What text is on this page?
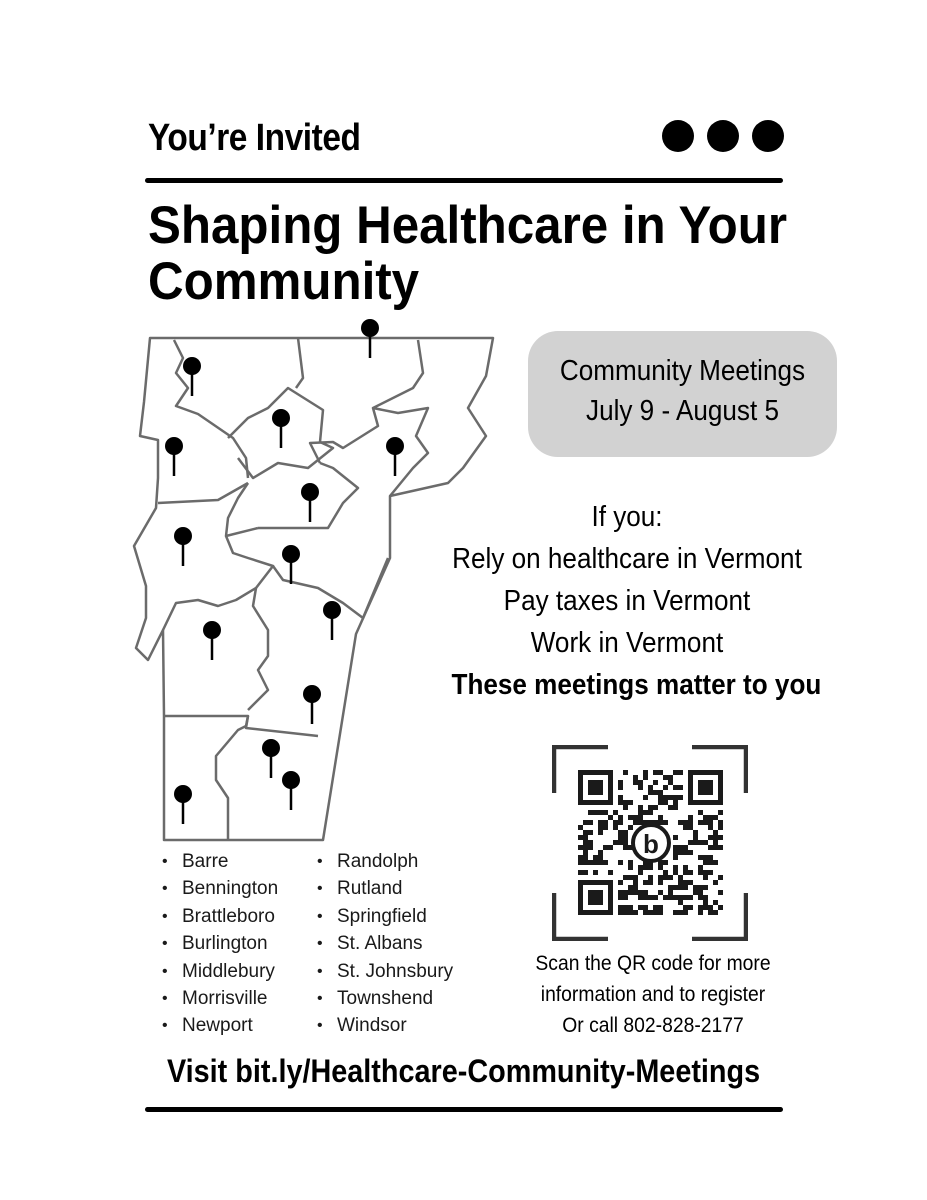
You’re Invited
Shaping Healthcare in Your
Community
Community Meetings
July 9 - August 5
If you:
Rely on healthcare in Vermont
Pay taxes in Vermont
Work in Vermont
These meetings matter to you
• Barre
• Bennington
• Brattleboro
• Burlington
• Middlebury
• Morrisville
• Newport
• Randolph
• Rutland
• Springfield
• St. Albans
• St. Johnsbury
• Townshend
• Windsor
b
Scan the QR code for more
information and to register
Or call 802-828-2177
Visit bit.ly/Healthcare-Community-Meetings
